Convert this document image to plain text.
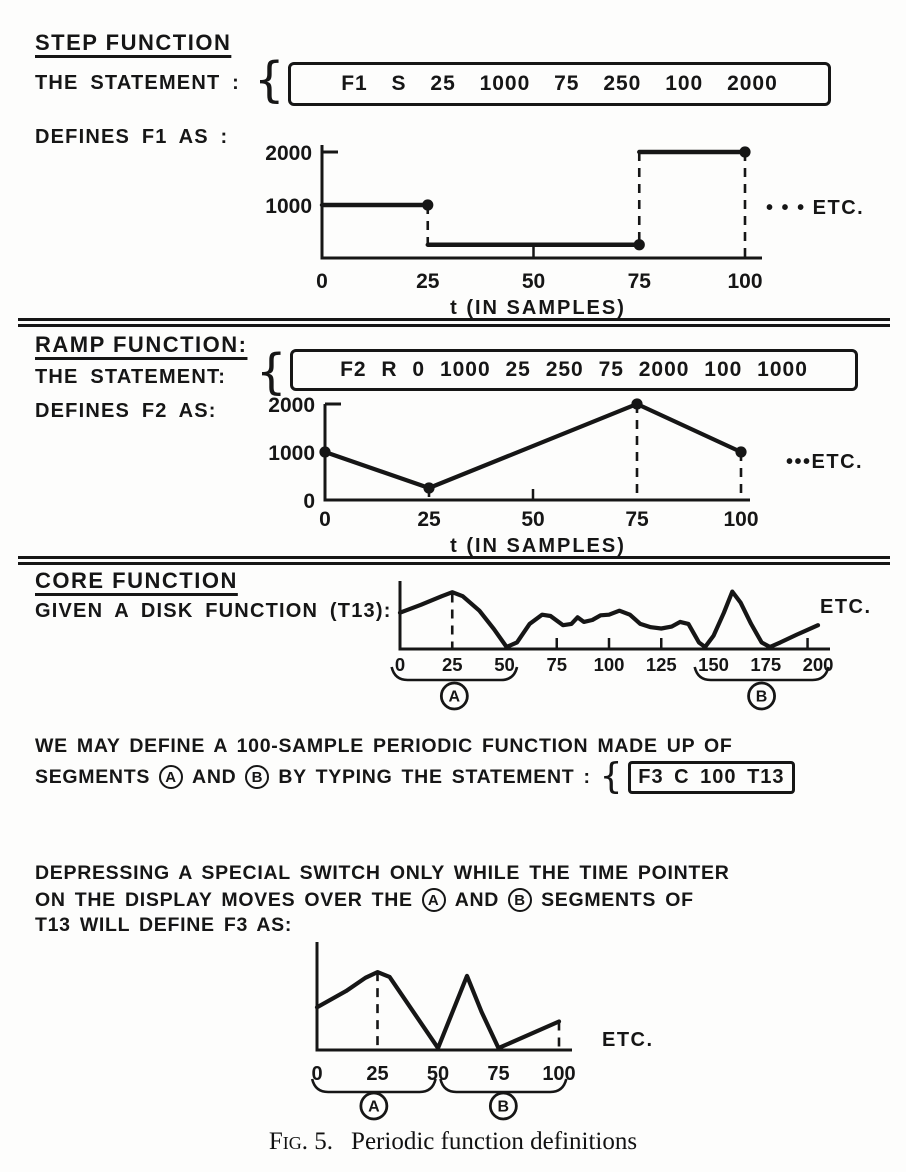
STEP FUNCTION
THE STATEMENT : {	F1 S 25 1000 75 250 100 2000
DEFINES F1 AS :
1000
2000
0	25	50	75	100
• • • ETC.
t (IN SAMPLES)
RAMP FUNCTION:
THE STATEMENT: {	F2 R 0 1000 25 250 75 2000 100 1000
DEFINES F2 AS:
0
1000
2000
0	25	50	75	100
•••ETC.
t (IN SAMPLES)
CORE FUNCTION
GIVEN A DISK FUNCTION (T13):
0 25 50 75 100 125 150 175 200
A	B
ETC.
WE MAY DEFINE A 100-SAMPLE PERIODIC FUNCTION MADE UP OF
SEGMENTS	A AND	B BY TYPING THE STATEMENT : { F3 C 100 T13
DEPRESSING A SPECIAL SWITCH ONLY WHILE THE TIME POINTER
ON THE DISPLAY MOVES OVER THE	A AND	B SEGMENTS OF
T13 WILL DEFINE F3 AS:
0 25 50 75 100
A	B
ETC.
Fig. 5. Periodic function definitions
